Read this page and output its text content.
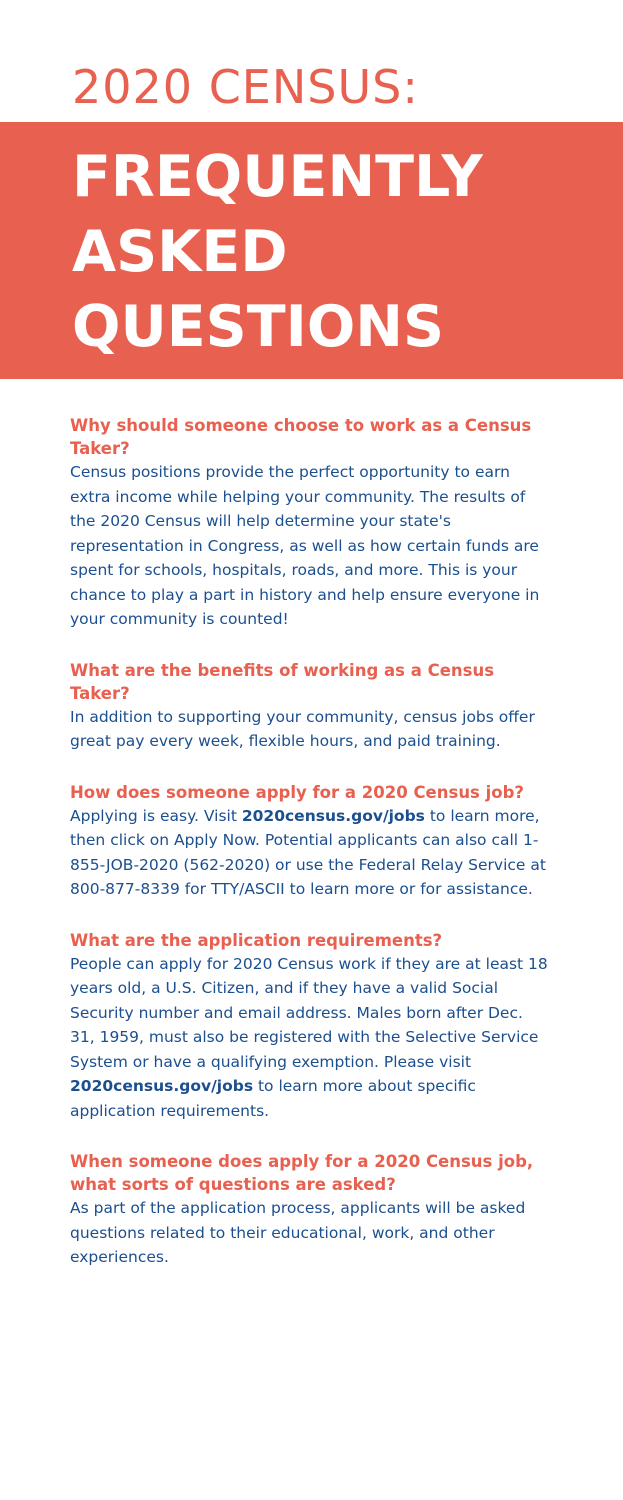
2020 CENSUS:
FREQUENTLY
ASKED
QUESTIONS
Why should someone choose to work as a Census Taker?
Census positions provide the perfect opportunity to earn extra income while helping your community. The results of the 2020 Census will help determine your state's representation in Congress, as well as how certain funds are spent for schools, hospitals, roads, and more. This is your chance to play a part in history and help ensure everyone in your community is counted!
What are the benefits of working as a Census Taker?
In addition to supporting your community, census jobs offer great pay every week, flexible hours, and paid training.
How does someone apply for a 2020 Census job?
Applying is easy. Visit 2020census.gov/jobs to learn more, then click on Apply Now. Potential applicants can also call 1-855-JOB-2020 (562-2020) or use the Federal Relay Service at 800-877-8339 for TTY/ASCII to learn more or for assistance.
What are the application requirements?
People can apply for 2020 Census work if they are at least 18 years old, a U.S. Citizen, and if they have a valid Social Security number and email address. Males born after Dec. 31, 1959, must also be registered with the Selective Service System or have a qualifying exemption. Please visit 2020census.gov/jobs to learn more about specific application requirements.
When someone does apply for a 2020 Census job, what sorts of questions are asked?
As part of the application process, applicants will be asked questions related to their educational, work, and other experiences.
